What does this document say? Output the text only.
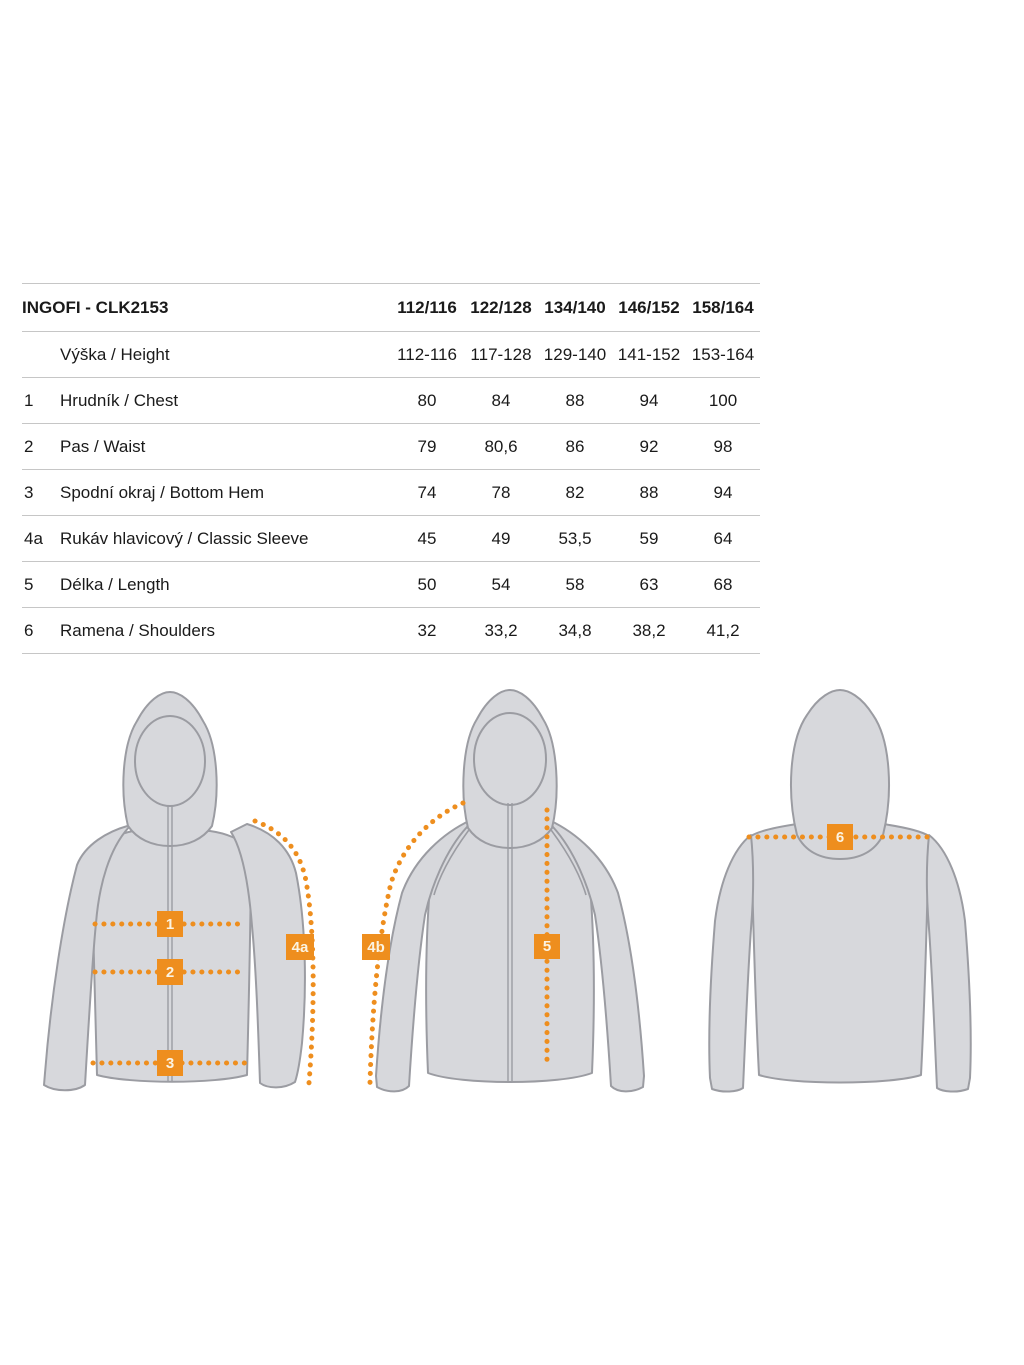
INGOFI - CLK2153	112/116 122/128 134/140 146/152 158/164
Výška / Height	112-116 117-128 129-140 141-152 153-164
1	Hrudník / Chest	80	84	88	94	100
2	Pas / Waist	79	80,6	86	92	98
3	Spodní okraj / Bottom Hem	74	78	82	88	94
4a	Rukáv hlavicový / Classic Sleeve	45	49	53,5	59	64
5	Délka / Length	50	54	58	63	68
6	Ramena / Shoulders	32	33,2	34,8	38,2	41,2
1
2
3
4a	4b	5
6
